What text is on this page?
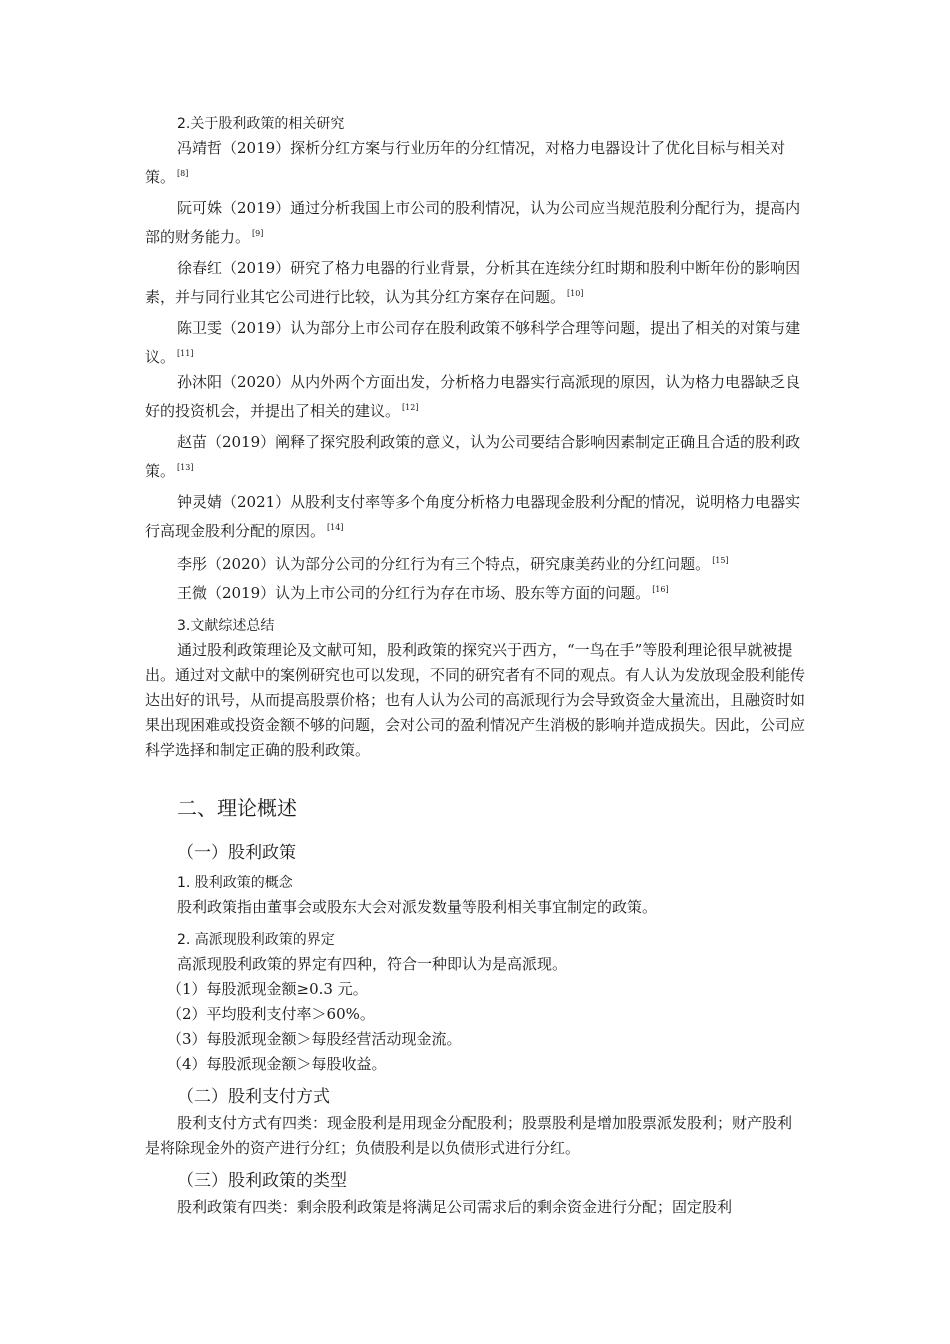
2.关于股利政策的相关研究

冯靖哲（2019）探析分红方案与行业历年的分红情况，对格力电器设计了优化目标与相关对策。 [8]

阮可姝（2019）通过分析我国上市公司的股利情况，认为公司应当规范股利分配行为，提高内部的财务能力。 [9]

徐春红（2019）研究了格力电器的行业背景，分析其在连续分红时期和股利中断年份的影响因素，并与同行业其它公司进行比较，认为其分红方案存在问题。 [10]

陈卫雯（2019）认为部分上市公司存在股利政策不够科学合理等问题，提出了相关的对策与建议。 [11]

孙沐阳（2020）从内外两个方面出发，分析格力电器实行高派现的原因，认为格力电器缺乏良好的投资机会，并提出了相关的建议。 [12]

赵苗（2019）阐释了探究股利政策的意义，认为公司要结合影响因素制定正确且合适的股利政策。 [13]

钟灵婧（2021）从股利支付率等多个角度分析格力电器现金股利分配的情况，说明格力电器实行高现金股利分配的原因。 [14]

李彤（2020）认为部分公司的分红行为有三个特点，研究康美药业的分红问题。 [15]

王微（2019）认为上市公司的分红行为存在市场、股东等方面的问题。 [16]

3.文献综述总结

通过股利政策理论及文献可知，股利政策的探究兴于西方，“一鸟在手”等股利理论很早就被提出。通过对文献中的案例研究也可以发现，不同的研究者有不同的观点。有人认为发放现金股利能传达出好的讯号，从而提高股票价格；也有人认为公司的高派现行为会导致资金大量流出，且融资时如果出现困难或投资金额不够的问题，会对公司的盈利情况产生消极的影响并造成损失。因此，公司应科学选择和制定正确的股利政策。

二、理论概述
（一）股利政策

1. 股利政策的概念

股利政策指由董事会或股东大会对派发数量等股利相关事宜制定的政策。

2. 高派现股利政策的界定

高派现股利政策的界定有四种，符合一种即认为是高派现。

（1）每股派现金额≥0.3 元。

（2）平均股利支付率＞60%。

（3）每股派现金额＞每股经营活动现金流。

（4）每股派现金额＞每股收益。

（二）股利支付方式

股利支付方式有四类：现金股利是用现金分配股利；股票股利是增加股票派发股利；财产股利是将除现金外的资产进行分红；负债股利是以负债形式进行分红。

（三）股利政策的类型

股利政策有四类：剩余股利政策是将满足公司需求后的剩余资金进行分配；固定股利
